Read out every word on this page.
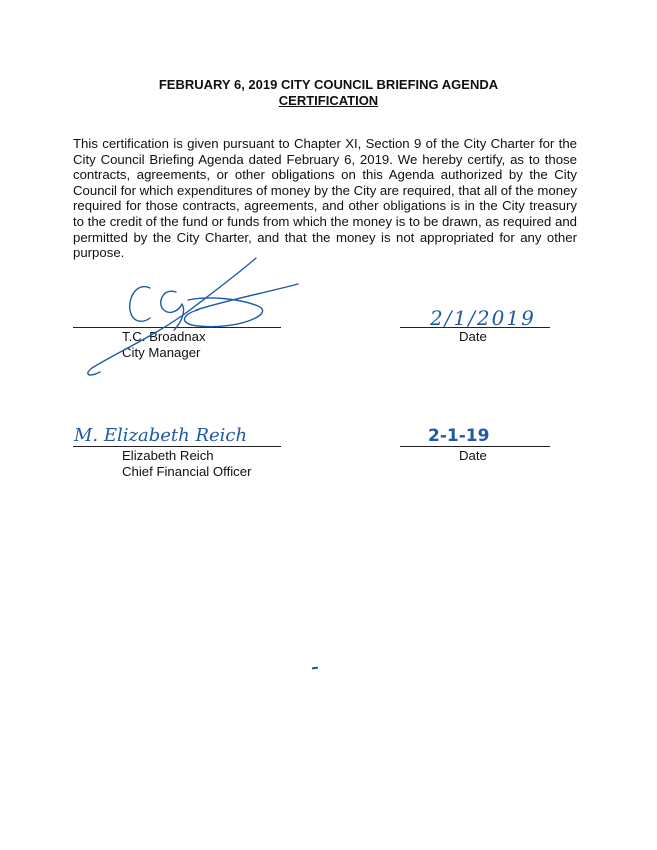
FEBRUARY 6, 2019 CITY COUNCIL BRIEFING AGENDA
CERTIFICATION
This certification is given pursuant to Chapter XI, Section 9 of the City Charter for the City Council Briefing Agenda dated February 6, 2019. We hereby certify, as to those contracts, agreements, or other obligations on this Agenda authorized by the City Council for which expenditures of money by the City are required, that all of the money required for those contracts, agreements, and other obligations is in the City treasury to the credit of the fund or funds from which the money is to be drawn, as required and permitted by the City Charter, and that the money is not appropriated for any other purpose.
T.C. Broadnax
City Manager
2/1/2019
Date
M. Elizabeth Reich
Elizabeth Reich
Chief Financial Officer
2-1-19
Date
